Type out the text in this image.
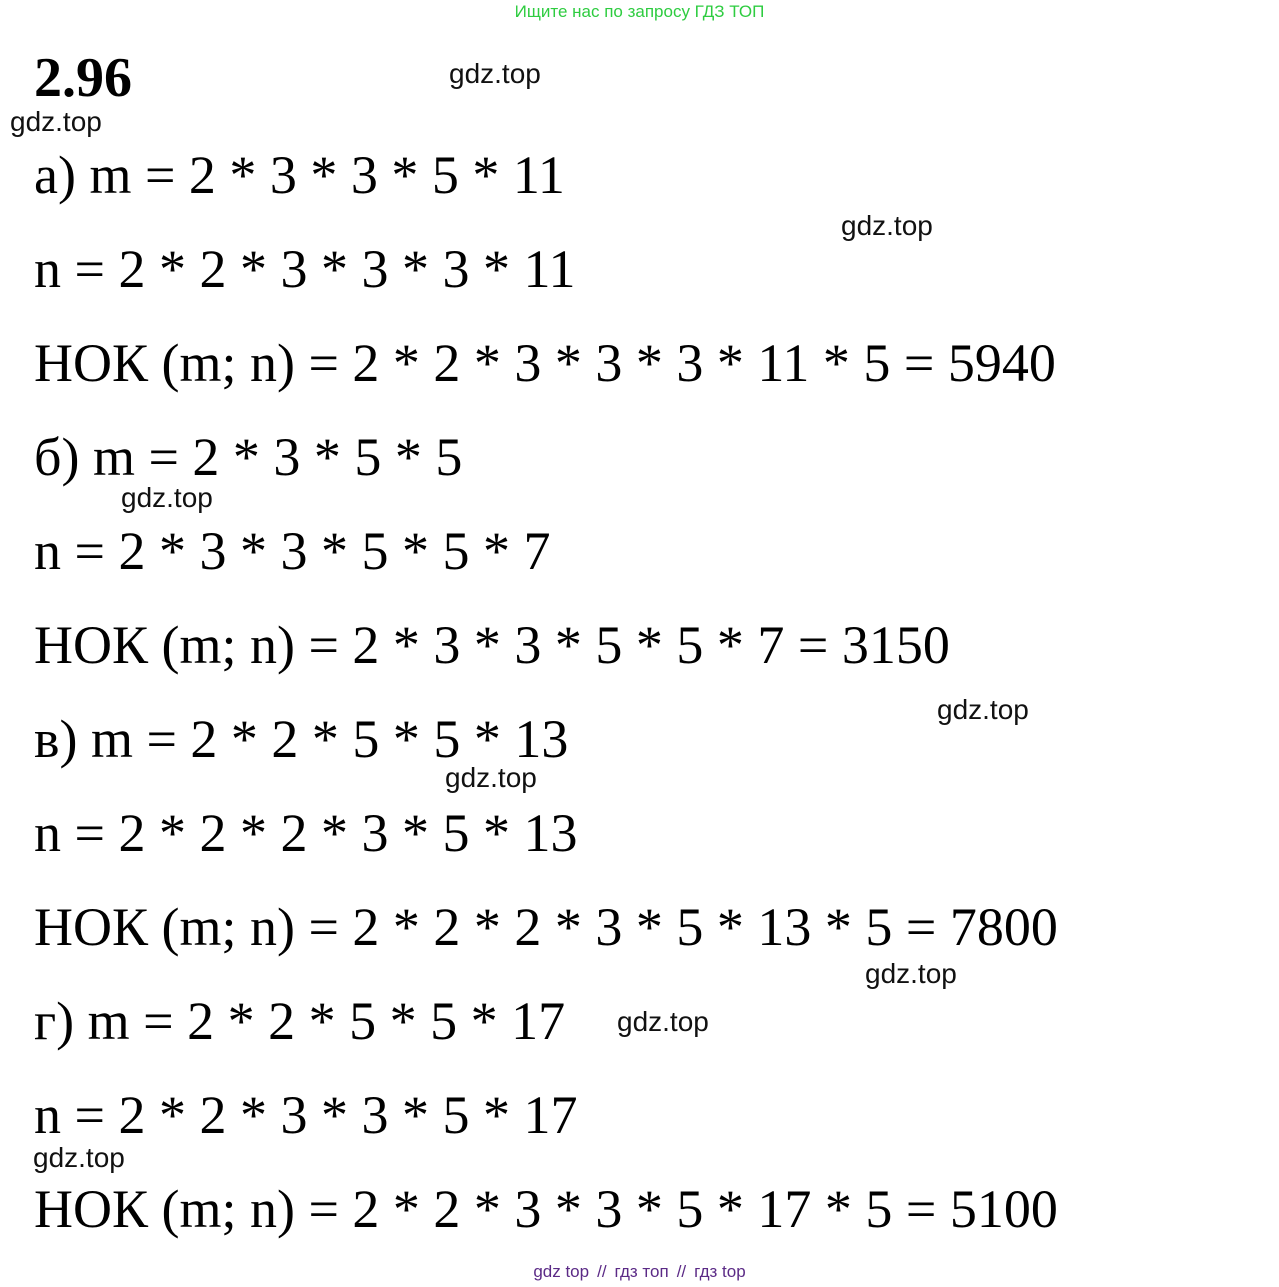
Ищите нас по запросу ГДЗ ТОП
2.96
а) m = 2 * 3 * 3 * 5 * 11
n = 2 * 2 * 3 * 3 * 3 * 11
НОК (m; n) = 2 * 2 * 3 * 3 * 3 * 11 * 5 = 5940
б) m = 2 * 3 * 5 * 5
n = 2 * 3 * 3 * 5 * 5 * 7
НОК (m; n) = 2 * 3 * 3 * 5 * 5 * 7 = 3150
в) m = 2 * 2 * 5 * 5 * 13
n = 2 * 2 * 2 * 3 * 5 * 13
НОК (m; n) = 2 * 2 * 2 * 3 * 5 * 13 * 5 = 7800
г) m = 2 * 2 * 5 * 5 * 17
n = 2 * 2 * 3 * 3 * 5 * 17
НОК (m; n) = 2 * 2 * 3 * 3 * 5 * 17 * 5 = 5100
gdz.top
gdz.top
gdz.top
gdz.top
gdz.top
gdz.top
gdz.top
gdz.top
gdz.top
gdz top // гдз топ // гдз top
